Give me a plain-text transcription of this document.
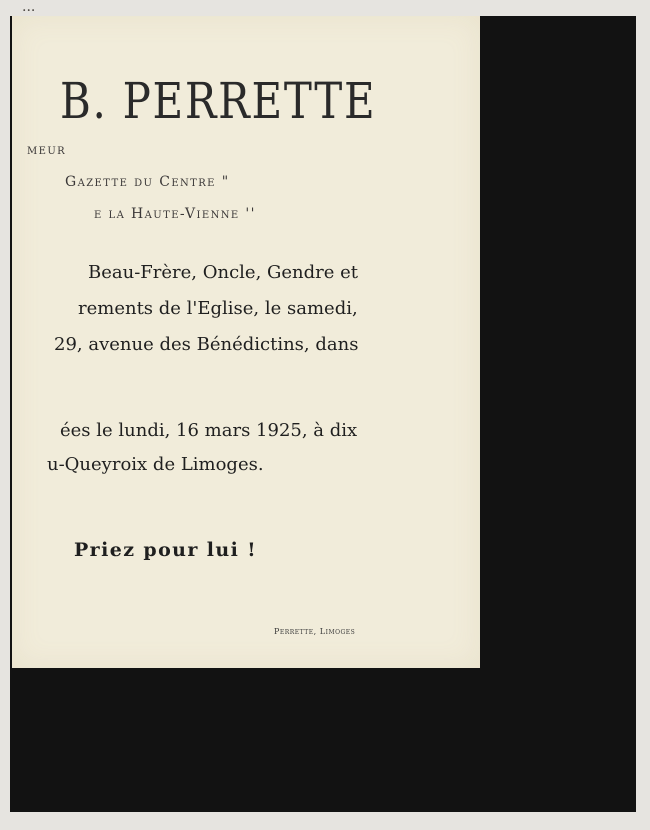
B. PERRETTE
meur
Gazette du Centre "
e la Haute-Vienne ''
Beau-Frère, Oncle, Gendre et
rements de l'Eglise, le samedi,
29, avenue des Bénédictins, dans
ées le lundi, 16 mars 1925, à dix
u-Queyroix de Limoges.
Priez pour lui !
Perrette, Limoges
...
